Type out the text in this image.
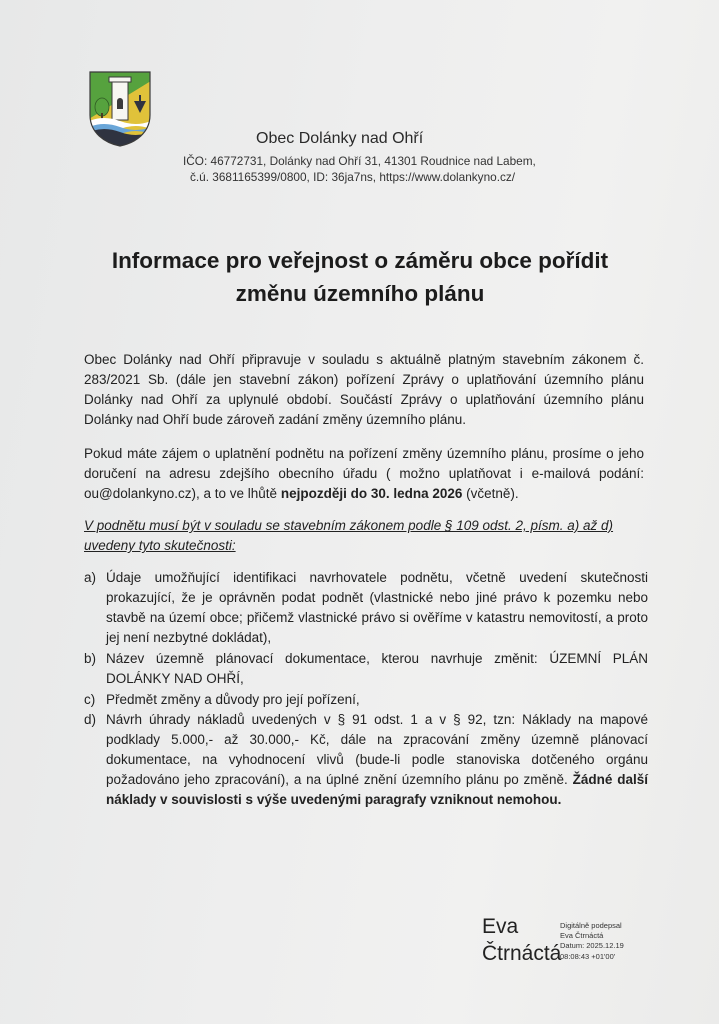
Obec Dolánky nad Ohří
IČO: 46772731, Dolánky nad Ohří 31, 41301 Roudnice nad Labem,
č.ú. 3681165399/0800, ID: 36ja7ns, https://www.dolankyno.cz/
Informace pro veřejnost o záměru obce pořídit
změnu územního plánu
Obec Dolánky nad Ohří připravuje v souladu s aktuálně platným stavebním zákonem č. 283/2021 Sb. (dále jen stavební zákon) pořízení Zprávy o uplatňování územního plánu Dolánky nad Ohří za uplynulé období. Součástí Zprávy o uplatňování územního plánu Dolánky nad Ohří bude zároveň zadání změny územního plánu.
Pokud máte zájem o uplatnění podnětu na pořízení změny územního plánu, prosíme o jeho doručení na adresu zdejšího obecního úřadu ( možno uplatňovat i e-mailová podání: ou@dolankyno.cz), a to ve lhůtě nejpozději do 30. ledna 2026 (včetně).
V podnětu musí být v souladu se stavebním zákonem podle § 109 odst. 2, písm. a) až d) uvedeny tyto skutečnosti:
a) Údaje umožňující identifikaci navrhovatele podnětu, včetně uvedení skutečnosti prokazující, že je oprávněn podat podnět (vlastnické nebo jiné právo k pozemku nebo stavbě na území obce; přičemž vlastnické právo si ověříme v katastru nemovitostí, a proto jej není nezbytné dokládat),
b) Název územně plánovací dokumentace, kterou navrhuje změnit: ÚZEMNÍ PLÁN DOLÁNKY NAD OHŘÍ,
c) Předmět změny a důvody pro její pořízení,
d) Návrh úhrady nákladů uvedených v § 91 odst. 1 a v § 92, tzn: Náklady na mapové podklady 5.000,- až 30.000,- Kč, dále na zpracování změny územně plánovací dokumentace, na vyhodnocení vlivů (bude-li podle stanoviska dotčeného orgánu požadováno jeho zpracování), a na úplné znění územního plánu po změně. Žádné další náklady v souvislosti s výše uvedenými paragrafy vzniknout nemohou.
Eva
Čtrnáctá
Digitálně podepsal
Eva Čtrnáctá
Datum: 2025.12.19
08:08:43 +01'00'
